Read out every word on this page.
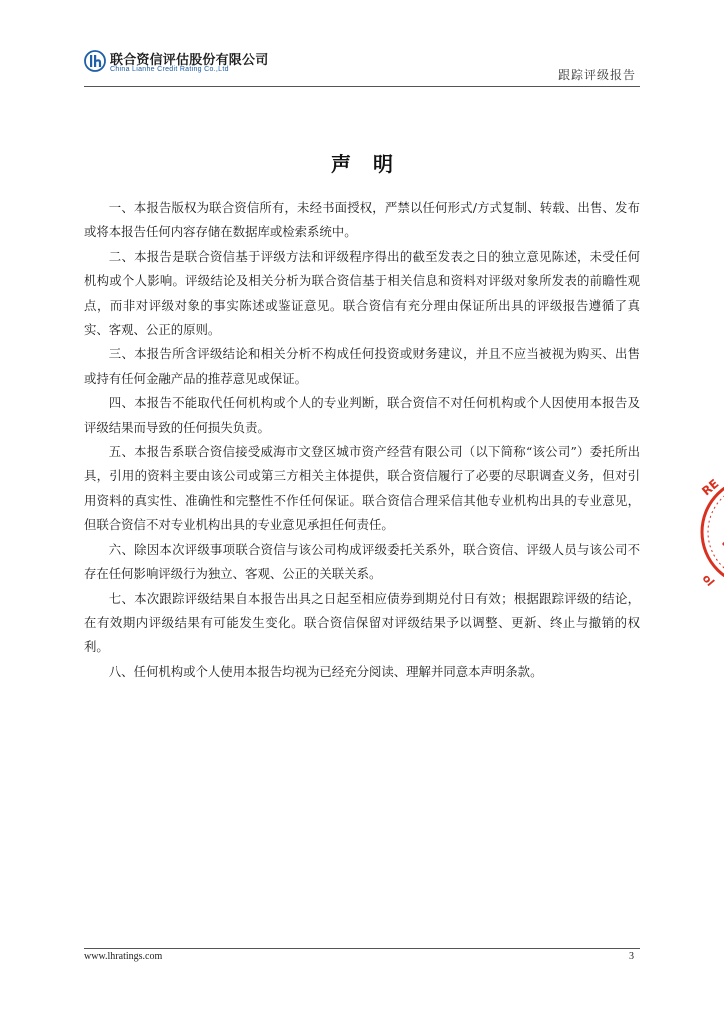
联合资信评估股份有限公司
China Lianhe Credit Rating Co.,Ltd	跟踪评级报告
声明

一、本报告版权为联合资信所有，未经书面授权，严禁以任何形式/方式复制、转载、出售、发布或将本报告任何内容存储在数据库或检索系统中。

二、本报告是联合资信基于评级方法和评级程序得出的截至发表之日的独立意见陈述，未受任何机构或个人影响。评级结论及相关分析为联合资信基于相关信息和资料对评级对象所发表的前瞻性观点，而非对评级对象的事实陈述或鉴证意见。联合资信有充分理由保证所出具的评级报告遵循了真实、客观、公正的原则。

三、本报告所含评级结论和相关分析不构成任何投资或财务建议，并且不应当被视为购买、出售或持有任何金融产品的推荐意见或保证。

四、本报告不能取代任何机构或个人的专业判断，联合资信不对任何机构或个人因使用本报告及评级结果而导致的任何损失负责。

五、本报告系联合资信接受威海市文登区城市资产经营有限公司（以下简称“该公司”）委托所出具，引用的资料主要由该公司或第三方相关主体提供，联合资信履行了必要的尽职调查义务，但对引用资料的真实性、准确性和完整性不作任何保证。联合资信合理采信其他专业机构出具的专业意见，但联合资信不对专业机构出具的专业意见承担任何责任。

六、除因本次评级事项联合资信与该公司构成评级委托关系外，联合资信、评级人员与该公司不存在任何影响评级行为独立、客观、公正的关联关系。

七、本次跟踪评级结果自本报告出具之日起至相应债券到期兑付日有效；根据跟踪评级的结论，在有效期内评级结果有可能发生变化。联合资信保留对评级结果予以调整、更新、终止与撤销的权利。

八、任何机构或个人使用本报告均视为已经充分阅读、理解并同意本声明条款。

RE
ol
www.lhratings.com	3
